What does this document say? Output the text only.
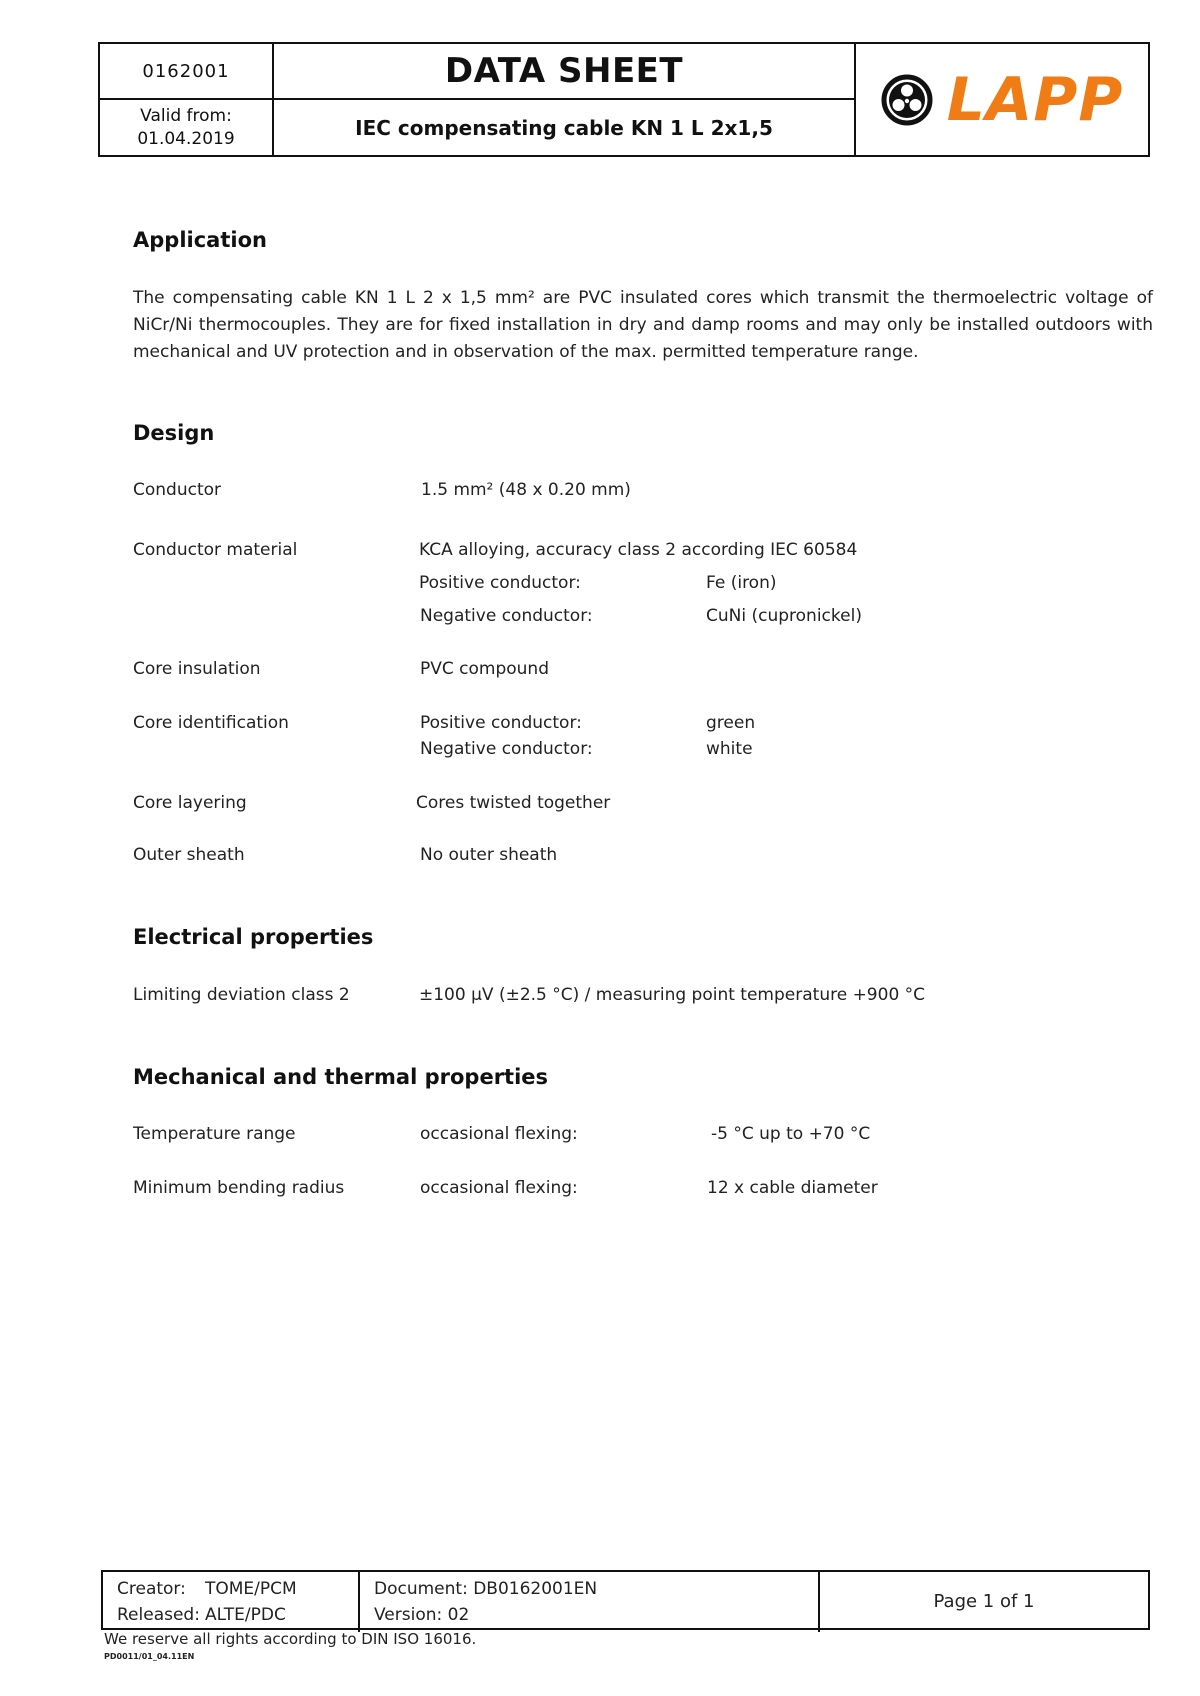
0162001	DATA SHEET	LAPP
Valid from:
01.04.2019	IEC compensating cable KN 1 L 2x1,5
Application
The compensating cable KN 1 L 2 x 1,5 mm² are PVC insulated cores which transmit the thermoelectric voltage of NiCr/Ni thermocouples. They are for fixed installation in dry and damp rooms and may only be installed outdoors with mechanical and UV protection and in observation of the max. permitted temperature range.
Design
Conductor	1.5 mm² (48 x 0.20 mm)
Conductor material	KCA alloying, accuracy class 2 according IEC 60584
Positive conductor:	Fe (iron)
Negative conductor:	CuNi (cupronickel)
Core insulation	PVC compound
Core identification	Positive conductor:	green
Negative conductor:	white
Core layering	Cores twisted together
Outer sheath	No outer sheath
Electrical properties
Limiting deviation class 2	±100 µV (±2.5 °C) / measuring point temperature +900 °C
Mechanical and thermal properties
Temperature range	occasional flexing:	-5 °C up to +70 °C
Minimum bending radius	occasional flexing:	12 x cable diameter
Creator:	TOME/PCM
Released: ALTE/PDC
Document: DB0162001EN
Version: 02
Page 1 of 1
We reserve all rights according to DIN ISO 16016.
PD0011/01_04.11EN
